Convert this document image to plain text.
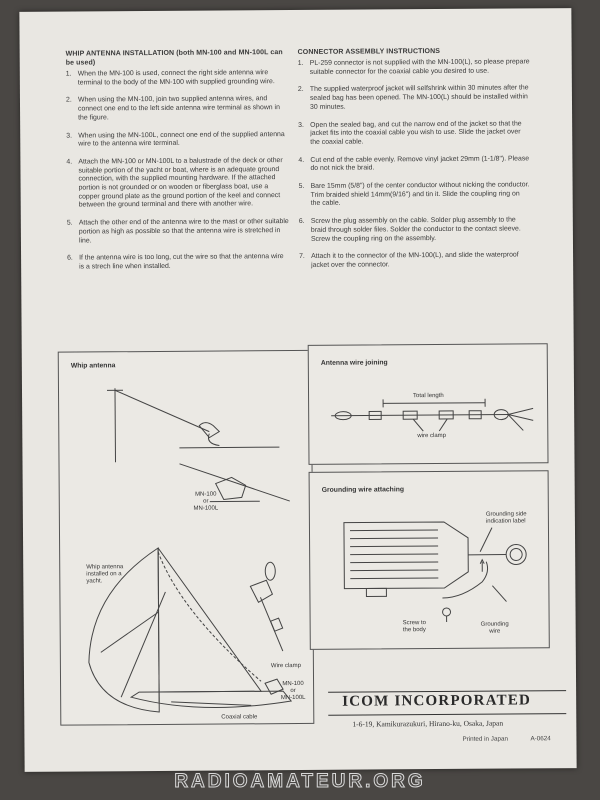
WHIP ANTENNA INSTALLATION (both MN-100 and MN-100L can be used)
1. When the MN-100 is used, connect the right side antenna wire terminal to the body of the MN-100 with supplied grounding wire.
2. When using the MN-100, join two supplied antenna wires, and connect one end to the left side antenna wire terminal as shown in the figure.
3. When using the MN-100L, connect one end of the supplied antenna wire to the antenna wire terminal.
4. Attach the MN-100 or MN-100L to a balustrade of the deck or other suitable portion of the yacht or boat, where is an adequate ground connection, with the supplied mounting hardware. If the attached portion is not grounded or on wooden or fiberglass boat, use a copper ground plate as the ground portion of the keel and connect between the ground terminal and there with another wire.
5. Attach the other end of the antenna wire to the mast or other suitable portion as high as possible so that the antenna wire is stretched in line.
6. If the antenna wire is too long, cut the wire so that the antenna wire is a strech line when installed.
CONNECTOR ASSEMBLY INSTRUCTIONS
1. PL-259 connector is not supplied with the MN-100(L), so please prepare suitable connector for the coaxial cable you desired to use.
2. The supplied waterproof jacket will selfshrink within 30 minutes after the sealed bag has been opened. The MN-100(L) should be installed within 30 minutes.
3. Open the sealed bag, and cut the narrow end of the jacket so that the jacket fits into the coaxial cable you wish to use. Slide the jacket over the coaxial cable.
4. Cut end of the cable evenly. Remove vinyl jacket 29mm (1-1/8"). Please do not nick the braid.
5. Bare 15mm (5/8") of the center conductor without nicking the conductor. Trim braided shield 14mm(9/16") and tin it. Slide the coupling ring on the cable.
6. Screw the plug assembly on the cable. Solder plug assembly to the braid through solder files. Solder the conductor to the contact sleeve. Screw the coupling ring on the assembly.
7. Attach it to the connector of the MN-100(L), and slide the waterproof jacket over the connector.
Whip antenna
MN-100
or
MN-100L
Whip antenna
installed on a
yacht.
Wire clamp
MN-100
or
MN-100L
Coaxial cable
Antenna wire joining
Total length
wire clamp
Grounding wire attaching
Grounding side
indication label
Screw to
the body
Grounding
wire
ICOM INCORPORATED
1-6-19, Kamikurazukuri, Hirano-ku, Osaka, Japan
Printed in Japan	A-0624
RADIOAMATEUR.ORG
